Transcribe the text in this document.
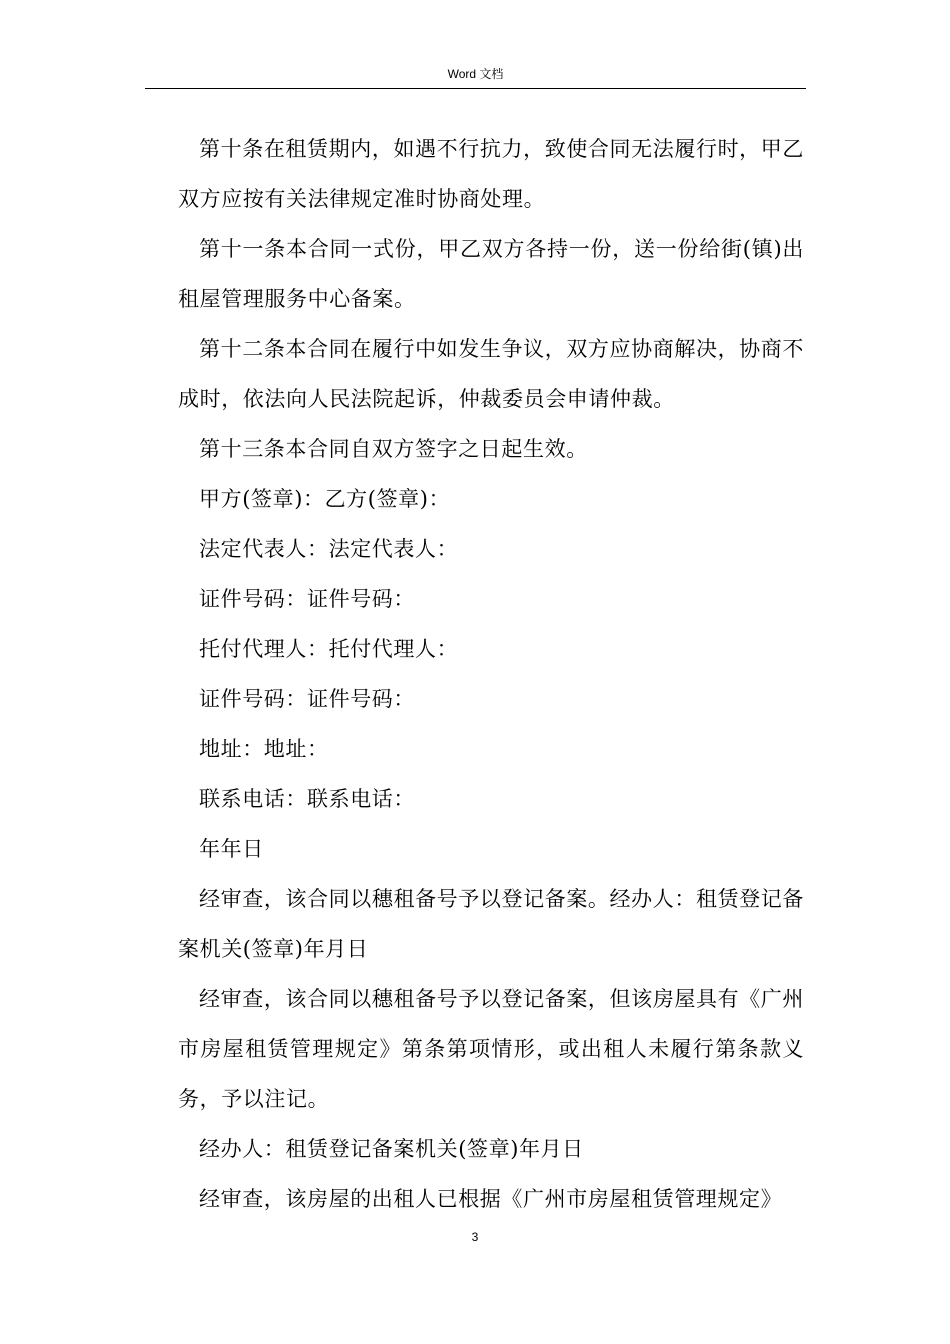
Word 文档

第十条在租赁期内，如遇不行抗力，致使合同无法履行时，甲乙双方应按有关法律规定准时协商处理。

第十一条本合同一式份，甲乙双方各持一份，送一份给街(镇)出租屋管理服务中心备案。

第十二条本合同在履行中如发生争议，双方应协商解决，协商不成时，依法向人民法院起诉，仲裁委员会申请仲裁。

第十三条本合同自双方签字之日起生效。

甲方(签章)：乙方(签章)：

法定代表人：法定代表人：

证件号码：证件号码：

托付代理人：托付代理人：

证件号码：证件号码：

地址：地址：

联系电话：联系电话：

年年日

经审查，该合同以穗租备号予以登记备案。经办人：租赁登记备案机关(签章)年月日

经审查，该合同以穗租备号予以登记备案，但该房屋具有《广州市房屋租赁管理规定》第条第项情形，或出租人未履行第条款义务，予以注记。

经办人：租赁登记备案机关(签章)年月日

经审查，该房屋的出租人已根据《广州市房屋租赁管理规定》

3
